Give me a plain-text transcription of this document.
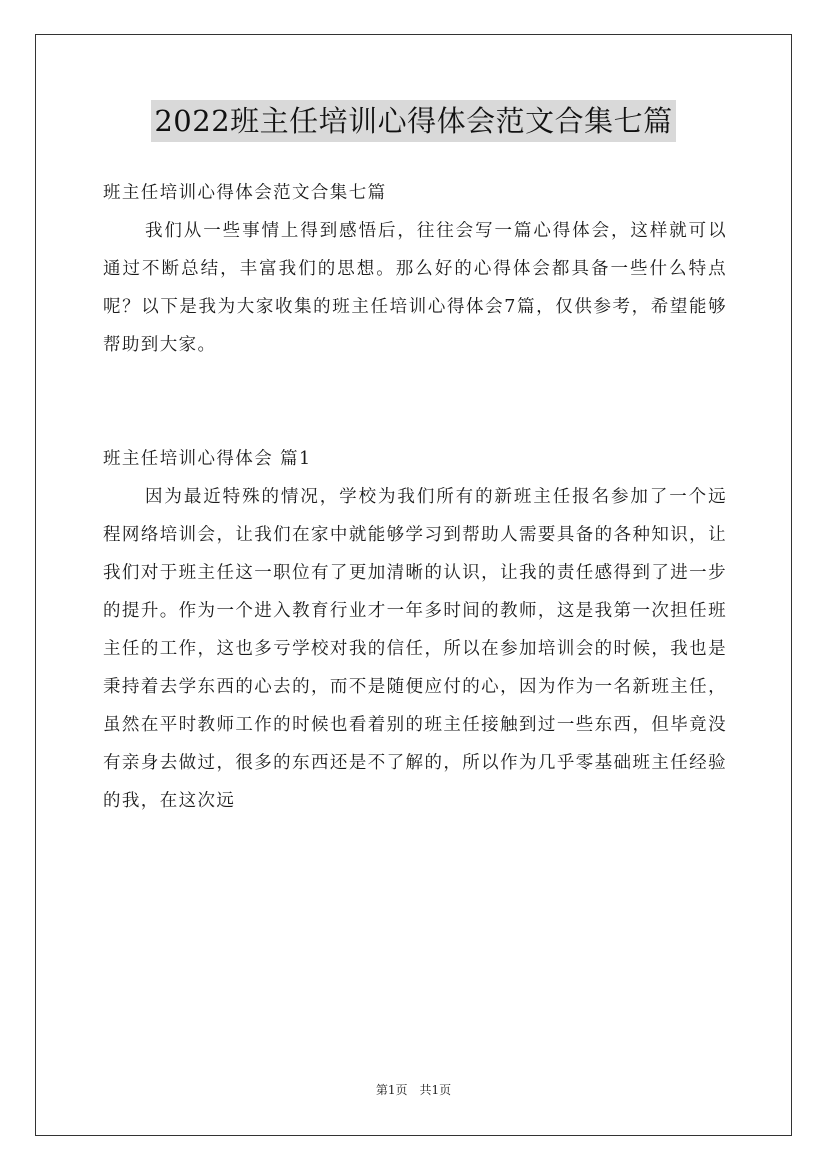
2022班主任培训心得体会范文合集七篇

班主任培训心得体会范文合集七篇

我们从一些事情上得到感悟后，往往会写一篇心得体会，这样就可以通过不断总结，丰富我们的思想。那么好的心得体会都具备一些什么特点呢？以下是我为大家收集的班主任培训心得体会7篇，仅供参考，希望能够帮助到大家。

班主任培训心得体会 篇1

因为最近特殊的情况，学校为我们所有的新班主任报名参加了一个远程网络培训会，让我们在家中就能够学习到帮助人需要具备的各种知识，让我们对于班主任这一职位有了更加清晰的认识，让我的责任感得到了进一步的提升。作为一个进入教育行业才一年多时间的教师，这是我第一次担任班主任的工作，这也多亏学校对我的信任，所以在参加培训会的时候，我也是秉持着去学东西的心去的，而不是随便应付的心，因为作为一名新班主任，虽然在平时教师工作的时候也看着别的班主任接触到过一些东西，但毕竟没有亲身去做过，很多的东西还是不了解的，所以作为几乎零基础班主任经验的我，在这次远

第1页 共1页
